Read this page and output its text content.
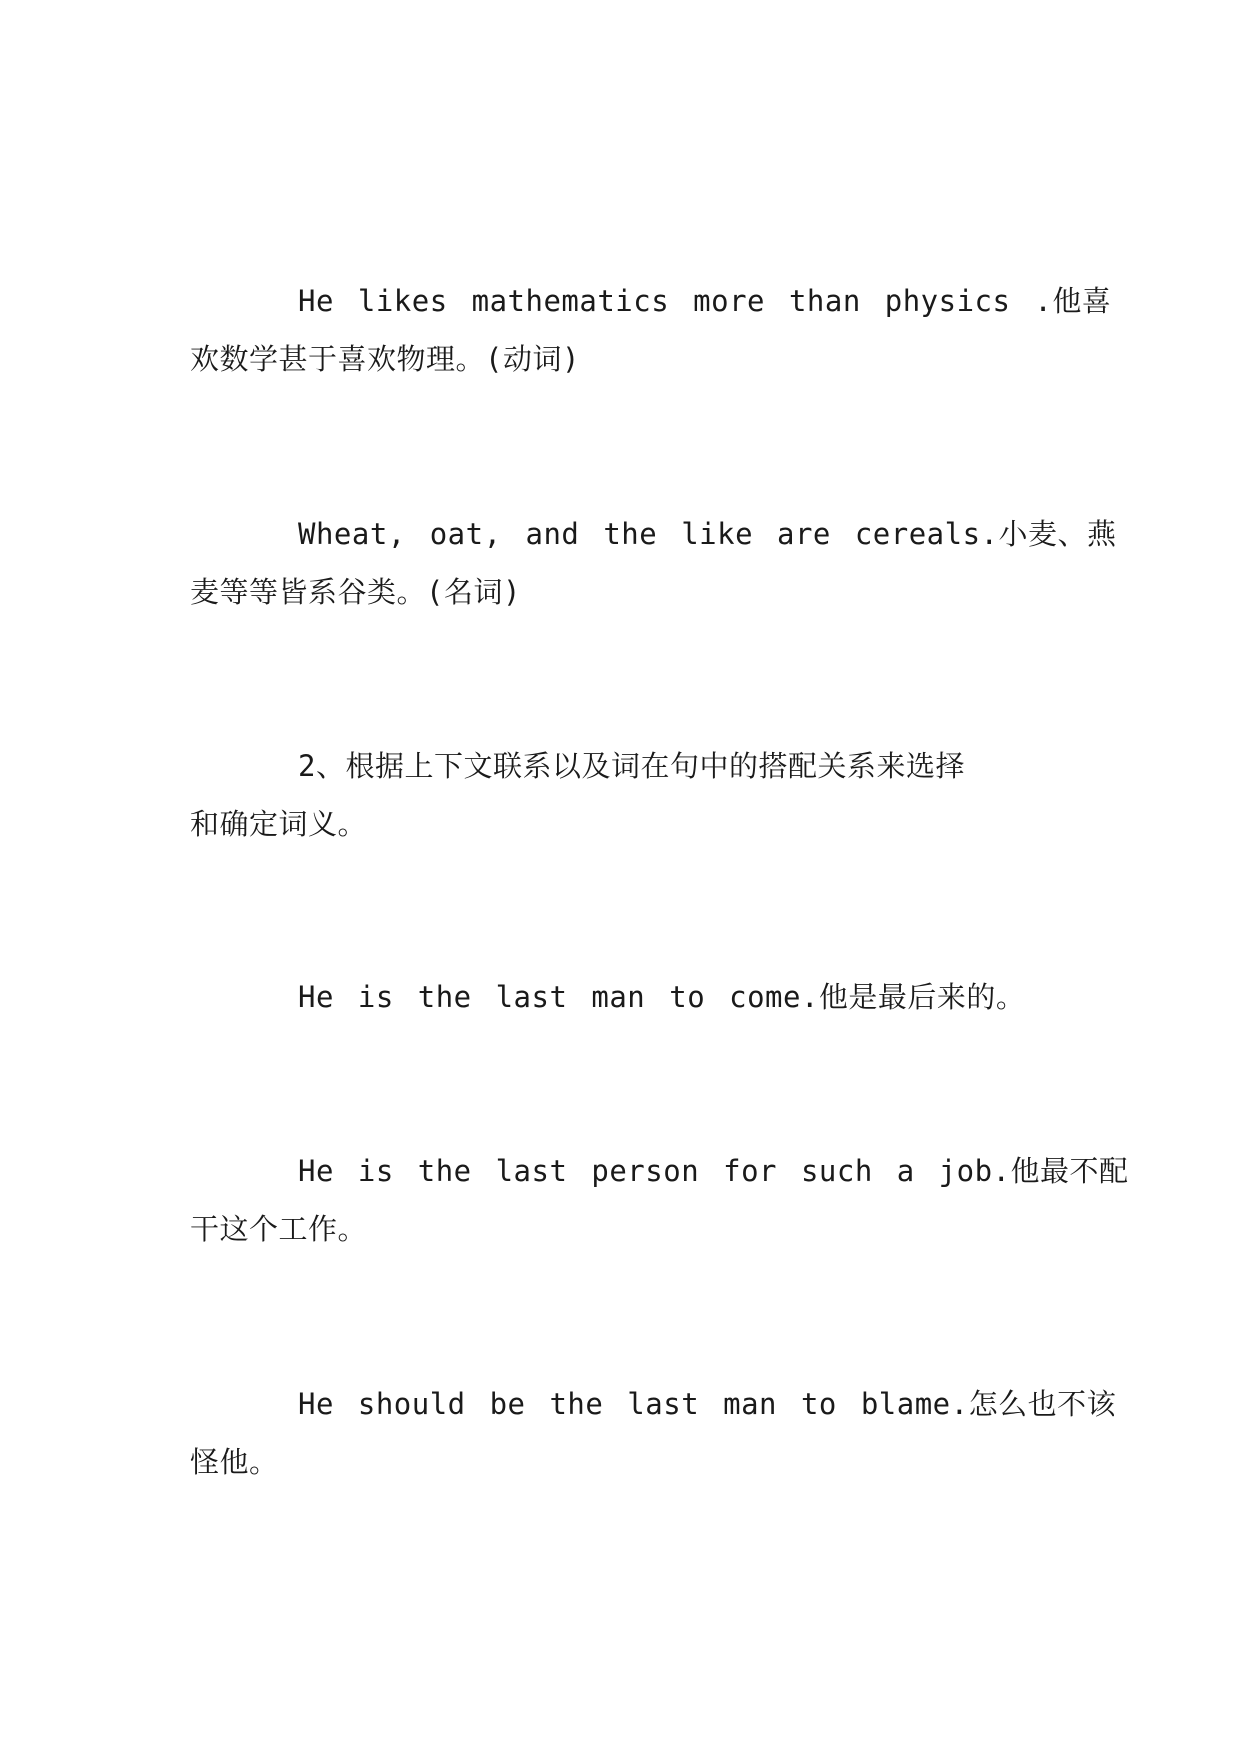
He likes mathematics more than physics .他喜
欢数学甚于喜欢物理。(动词)
Wheat, oat, and the like are cereals.小麦、燕
麦等等皆系谷类。(名词)
2、根据上下文联系以及词在句中的搭配关系来选择
和确定词义。
He is the last man to come.他是最后来的。
He is the last person for such a job.他最不配
干这个工作。
He should be the last man to blame.怎么也不该
怪他。
